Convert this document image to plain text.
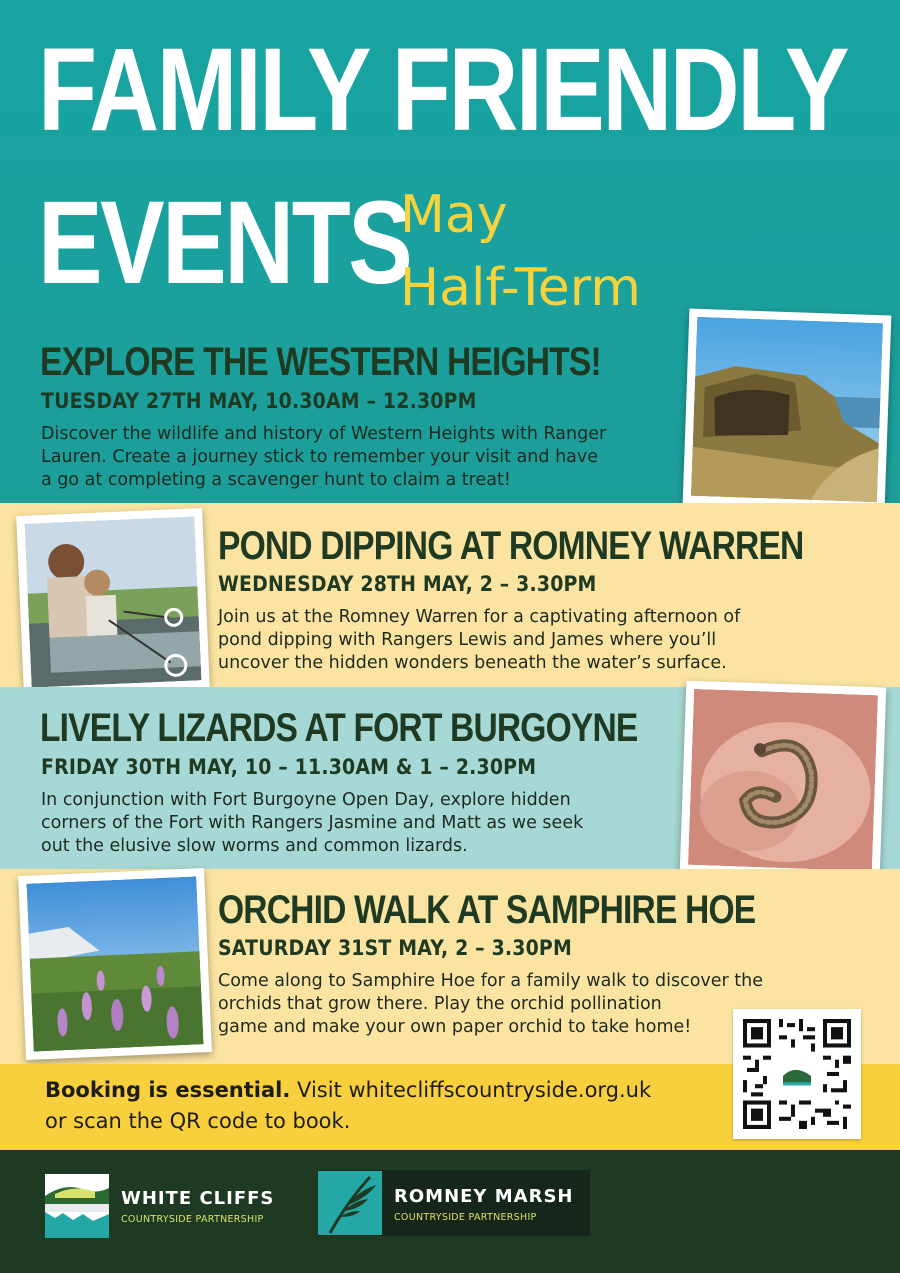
FAMILY FRIENDLY
EVENTS
May
Half-Term
EXPLORE THE WESTERN HEIGHTS!
TUESDAY 27TH MAY, 10.30AM – 12.30PM
Discover the wildlife and history of Western Heights with Ranger
Lauren. Create a journey stick to remember your visit and have
a go at completing a scavenger hunt to claim a treat!
POND DIPPING AT ROMNEY WARREN
WEDNESDAY 28TH MAY, 2 – 3.30PM
Join us at the Romney Warren for a captivating afternoon of
pond dipping with Rangers Lewis and James where you’ll
uncover the hidden wonders beneath the water’s surface.
LIVELY LIZARDS AT FORT BURGOYNE
FRIDAY 30TH MAY, 10 – 11.30AM & 1 – 2.30PM
In conjunction with Fort Burgoyne Open Day, explore hidden
corners of the Fort with Rangers Jasmine and Matt as we seek
out the elusive slow worms and common lizards.
ORCHID WALK AT SAMPHIRE HOE
SATURDAY 31ST MAY, 2 – 3.30PM
Come along to Samphire Hoe for a family walk to discover the
orchids that grow there. Play the orchid pollination
game and make your own paper orchid to take home!
Booking is essential. Visit whitecliffscountryside.org.uk
or scan the QR code to book.
WHITE CLIFFS
COUNTRYSIDE PARTNERSHIP
ROMNEY MARSH
COUNTRYSIDE PARTNERSHIP
